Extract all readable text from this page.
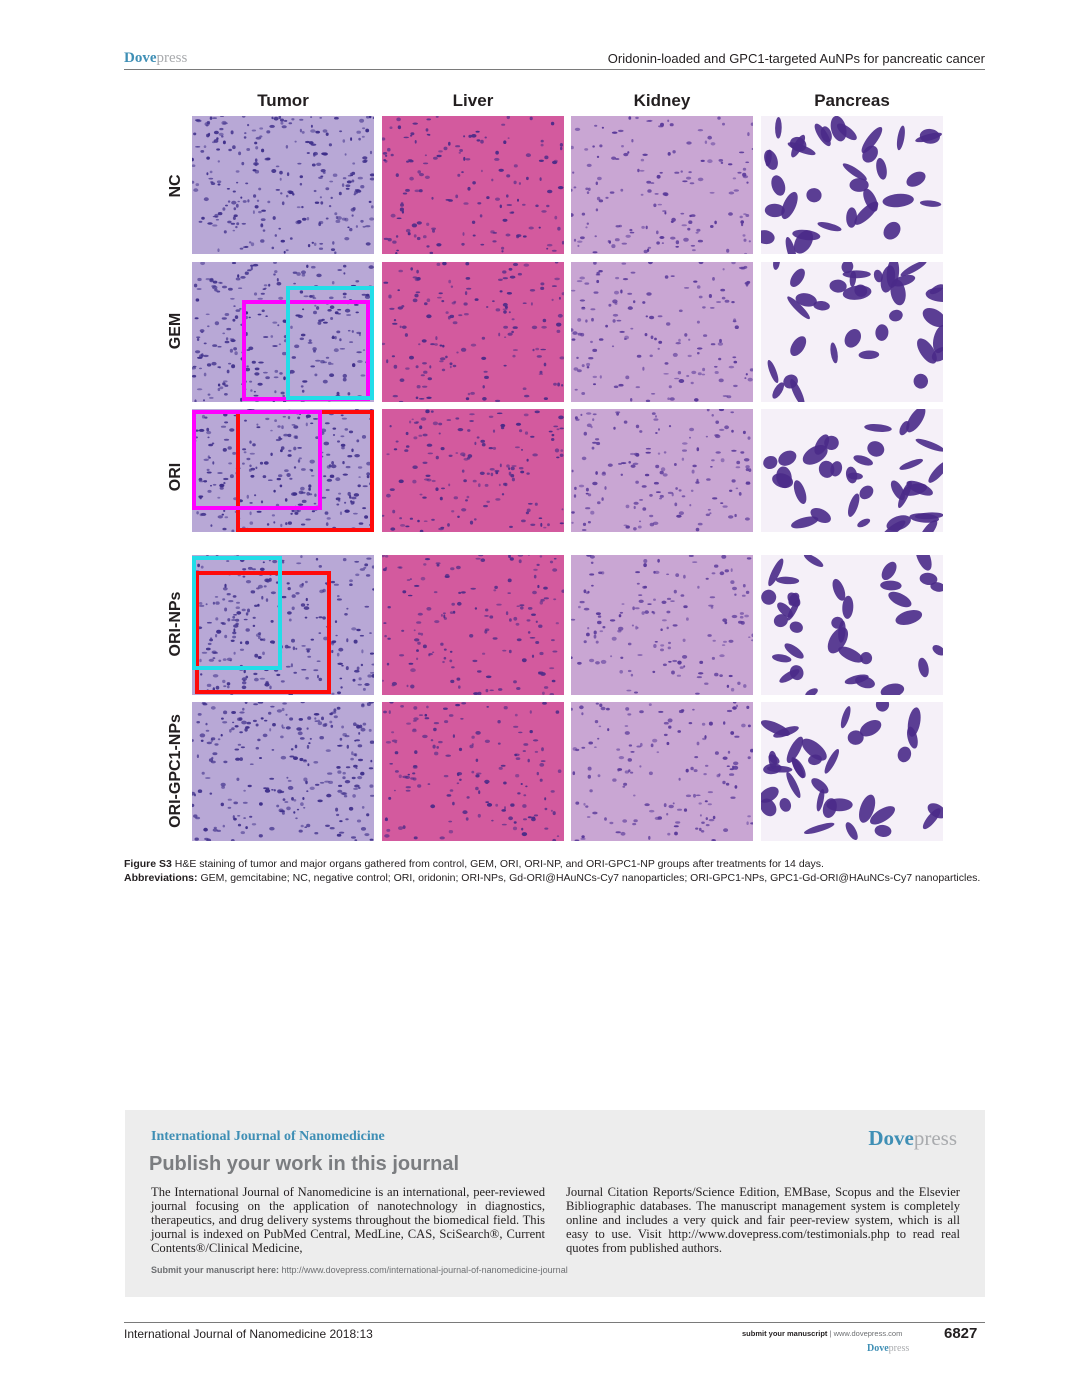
Dovepress	Oridonin-loaded and GPC1-targeted AuNPs for pancreatic cancer
Tumor	Liver	Kidney	Pancreas
NC
GEM
ORI
ORI-NPs
ORI-GPC1-NPs
Figure S3 H&E staining of tumor and major organs gathered from control, GEM, ORI, ORI-NP, and ORI-GPC1-NP groups after treatments for 14 days.
Abbreviations: GEM, gemcitabine; NC, negative control; ORI, oridonin; ORI-NPs, Gd-ORI@HAuNCs-Cy7 nanoparticles; ORI-GPC1-NPs, GPC1-Gd-ORI@HAuNCs-Cy7 nanoparticles.
International Journal of Nanomedicine	Dovepress
Publish your work in this journal
The International Journal of Nanomedicine is an international, peer-reviewed journal focusing on the application of nanotechnology in diagnostics, therapeutics, and drug delivery systems throughout the biomedical field. This journal is indexed on PubMed Central, MedLine, CAS, SciSearch®, Current Contents®/Clinical Medicine,
Journal Citation Reports/Science Edition, EMBase, Scopus and the Elsevier Bibliographic databases. The manuscript management system is completely online and includes a very quick and fair peer-review system, which is all easy to use. Visit http://www.dovepress.com/testimonials.php to read real quotes from published authors.
Submit your manuscript here: http://www.dovepress.com/international-journal-of-nanomedicine-journal
International Journal of Nanomedicine 2018:13	submit your manuscript | www.dovepress.com
Dovepress
6827
